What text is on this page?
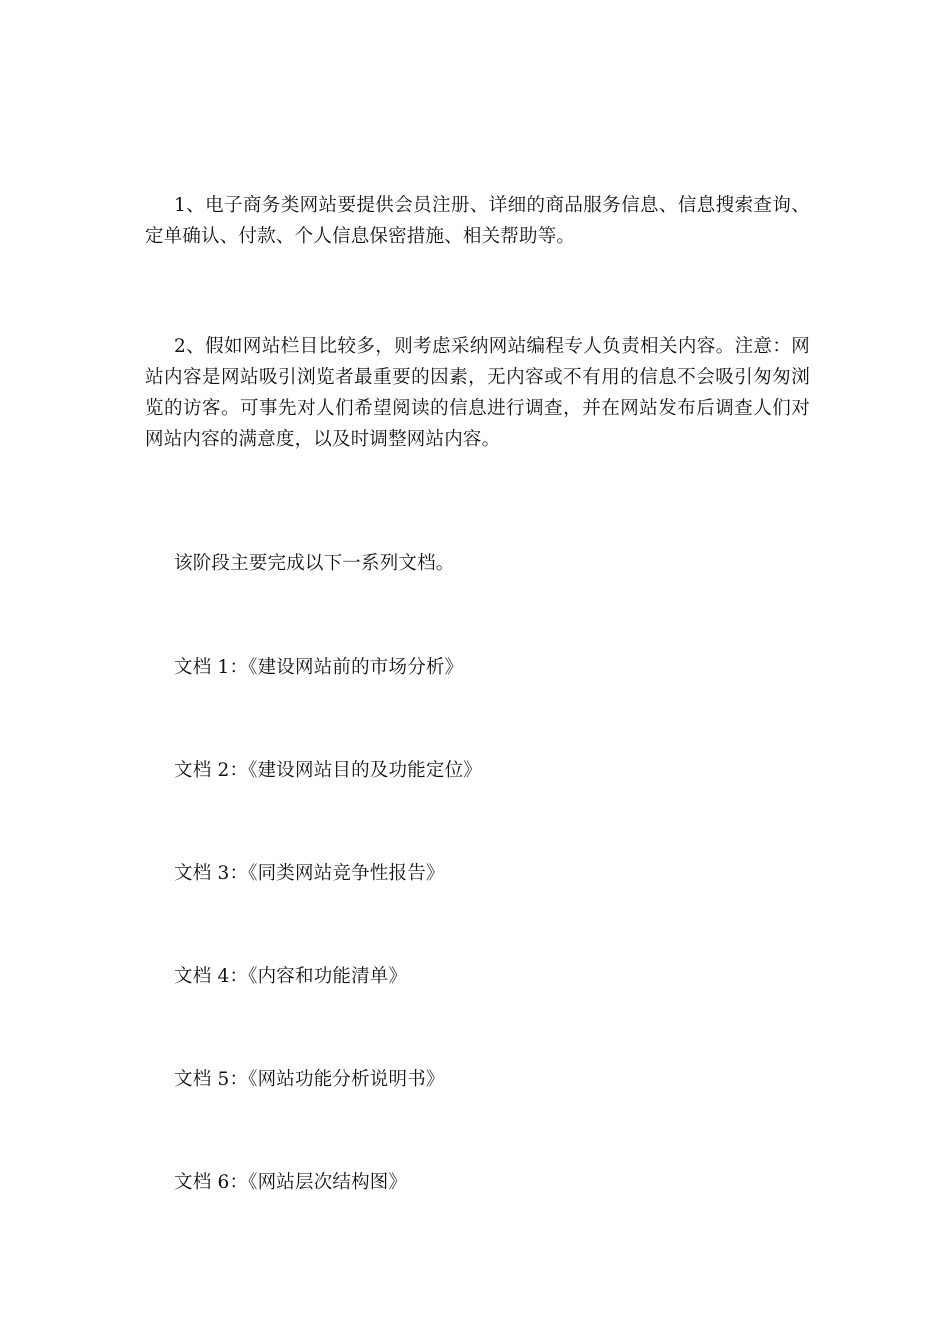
1、电子商务类网站要提供会员注册、详细的商品服务信息、信息搜索查询、定单确认、付款、个人信息保密措施、相关帮助等。

2、假如网站栏目比较多，则考虑采纳网站编程专人负责相关内容。注意：网站内容是网站吸引浏览者最重要的因素，无内容或不有用的信息不会吸引匆匆浏览的访客。可事先对人们希望阅读的信息进行调查，并在网站发布后调查人们对网站内容的满意度，以及时调整网站内容。

该阶段主要完成以下一系列文档。

文档 1：《建设网站前的市场分析》

文档 2：《建设网站目的及功能定位》

文档 3：《同类网站竞争性报告》

文档 4：《内容和功能清单》

文档 5：《网站功能分析说明书》

文档 6：《网站层次结构图》
